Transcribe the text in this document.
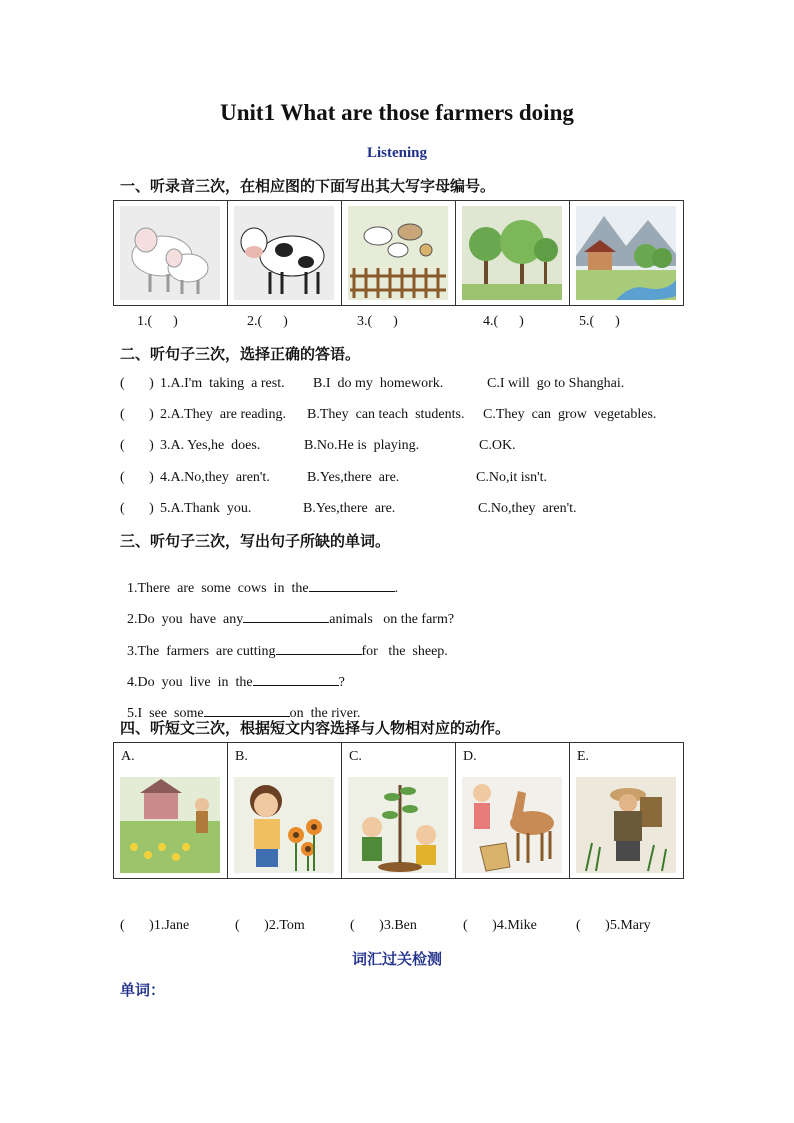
Unit1 What are those farmers doing
Listening
一、听录音三次，在相应图的下面写出其大写字母编号。

1.(      )	2.(      )	3.(      )	4.(      )	5.(      )
二、听句子三次，选择正确的答语。
(       ) 1.A.I'm  taking  a rest. B.I  do my  homework.	C.I will  go to Shanghai.
(       ) 2.A.They  are reading. B.They  can teach  students. C.They  can  grow  vegetables.
(       ) 3.A. Yes,he  does.	B.No.He is  playing.	C.OK.
(       ) 4.A.No,they  aren't.	B.Yes,there  are.	C.No,it isn't.
(       ) 5.A.Thank  you.	B.Yes,there  are.	C.No,they  aren't.
三、听句子三次，写出句子所缺的单词。

1.There  are  some  cows  in  the	.

2.Do  you  have  any	animals   on the farm?

3.The  farmers  are cutting	for   the  sheep.

4.Do  you  live  in  the	?

5.I  see  some	on  the river.

四、听短文三次，根据短文内容选择与人物相对应的动作。
A.	B.	C.	D.	E.
(       )1.Jane	(       )2.Tom	(       )3.Ben	(       )4.Mike	(       )5.Mary
词汇过关检测
单词：
